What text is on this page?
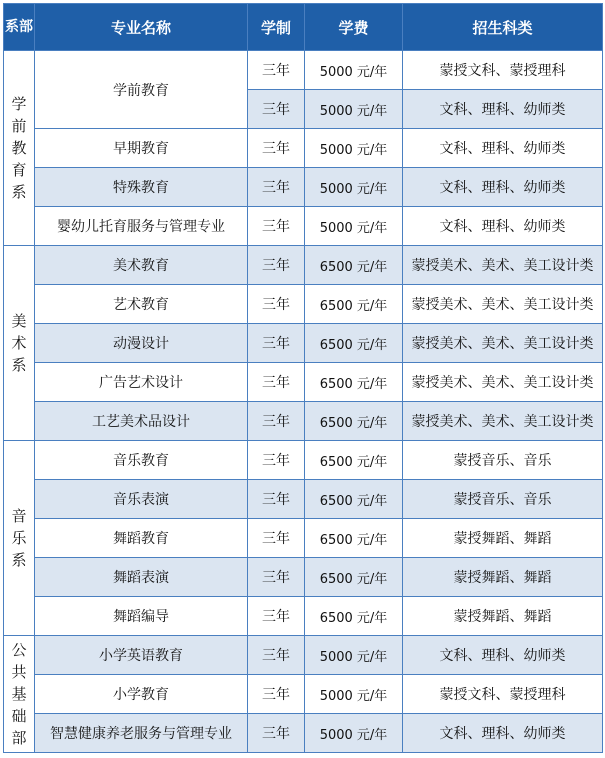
系部	专业名称	学制	学费	招生科类
学前教育系	学前教育	三年	5000 元/年	蒙授文科、蒙授理科
		三年	5000 元/年	文科、理科、幼师类
	早期教育	三年	5000 元/年	文科、理科、幼师类
	特殊教育	三年	5000 元/年	文科、理科、幼师类
	婴幼儿托育服务与管理专业	三年	5000 元/年	文科、理科、幼师类
美术系	美术教育	三年	6500 元/年	蒙授美术、美术、美工设计类
	艺术教育	三年	6500 元/年	蒙授美术、美术、美工设计类
	动漫设计	三年	6500 元/年	蒙授美术、美术、美工设计类
	广告艺术设计	三年	6500 元/年	蒙授美术、美术、美工设计类
	工艺美术品设计	三年	6500 元/年	蒙授美术、美术、美工设计类
音乐系	音乐教育	三年	6500 元/年	蒙授音乐、音乐
	音乐表演	三年	6500 元/年	蒙授音乐、音乐
	舞蹈教育	三年	6500 元/年	蒙授舞蹈、舞蹈
	舞蹈表演	三年	6500 元/年	蒙授舞蹈、舞蹈
	舞蹈编导	三年	6500 元/年	蒙授舞蹈、舞蹈
公共基础部	小学英语教育	三年	5000 元/年	文科、理科、幼师类
	小学教育	三年	5000 元/年	蒙授文科、蒙授理科
	智慧健康养老服务与管理专业	三年	5000 元/年	文科、理科、幼师类
